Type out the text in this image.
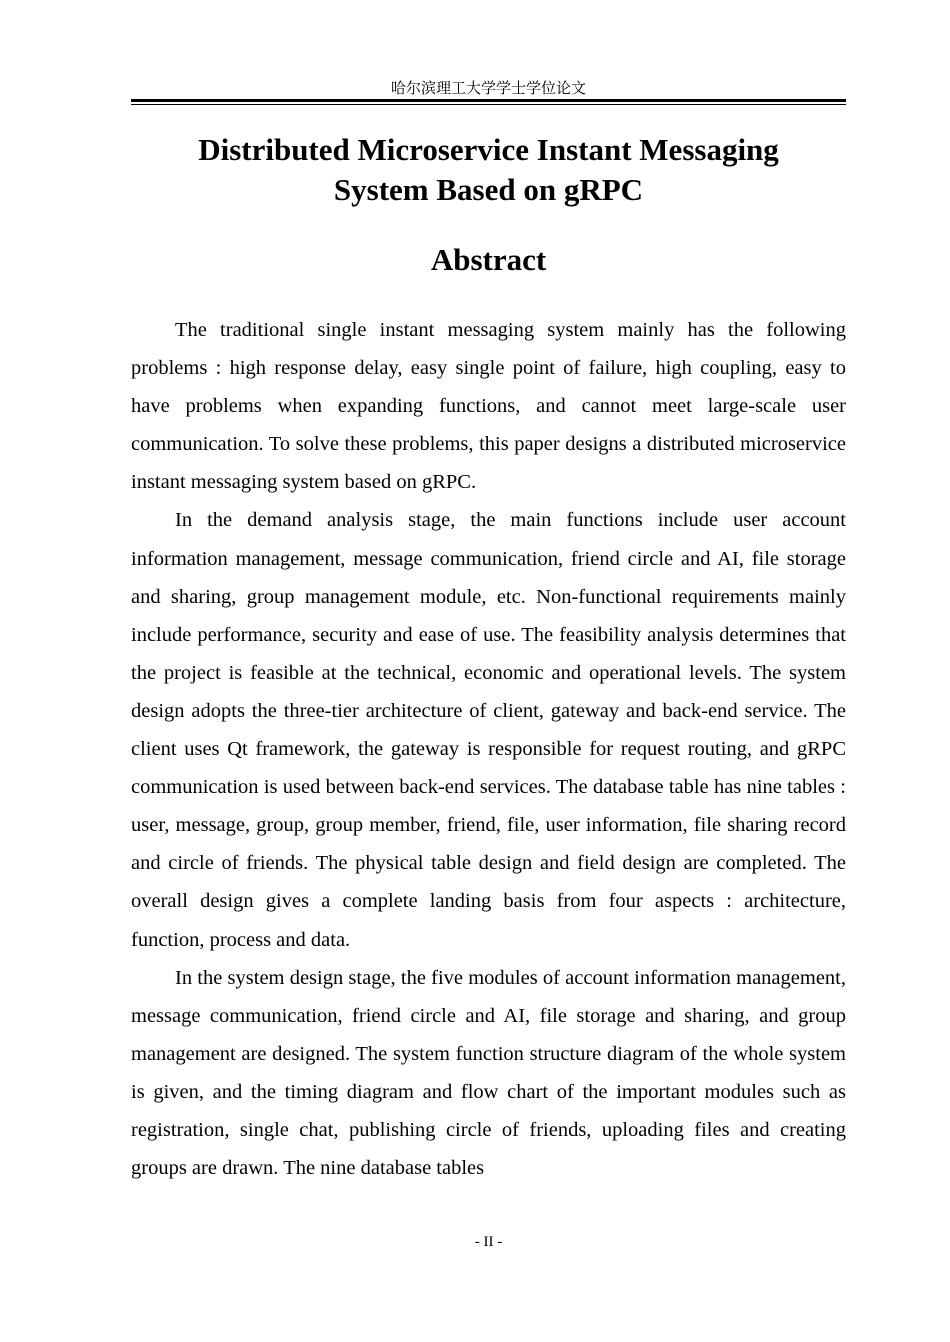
哈尔滨理工大学学士学位论文
Distributed Microservice Instant Messaging
System Based on gRPC
Abstract

The traditional single instant messaging system mainly has the following problems : high response delay, easy single point of failure, high coupling, easy to have problems when expanding functions, and cannot meet large-scale user communication. To solve these problems, this paper designs a distributed microservice instant messaging system based on gRPC.

In the demand analysis stage, the main functions include user account information management, message communication, friend circle and AI, file storage and sharing, group management module, etc. Non-functional requirements mainly include performance, security and ease of use. The feasibility analysis determines that the project is feasible at the technical, economic and operational levels. The system design adopts the three-tier architecture of client, gateway and back-end service. The client uses Qt framework, the gateway is responsible for request routing, and gRPC communication is used between back-end services. The database table has nine tables : user, message, group, group member, friend, file, user information, file sharing record and circle of friends. The physical table design and field design are completed. The overall design gives a complete landing basis from four aspects : architecture, function, process and data.

In the system design stage, the five modules of account information management, message communication, friend circle and AI, file storage and sharing, and group management are designed. The system function structure diagram of the whole system is given, and the timing diagram and flow chart of the important modules such as registration, single chat, publishing circle of friends, uploading files and creating groups are drawn. The nine database tables

- II -
